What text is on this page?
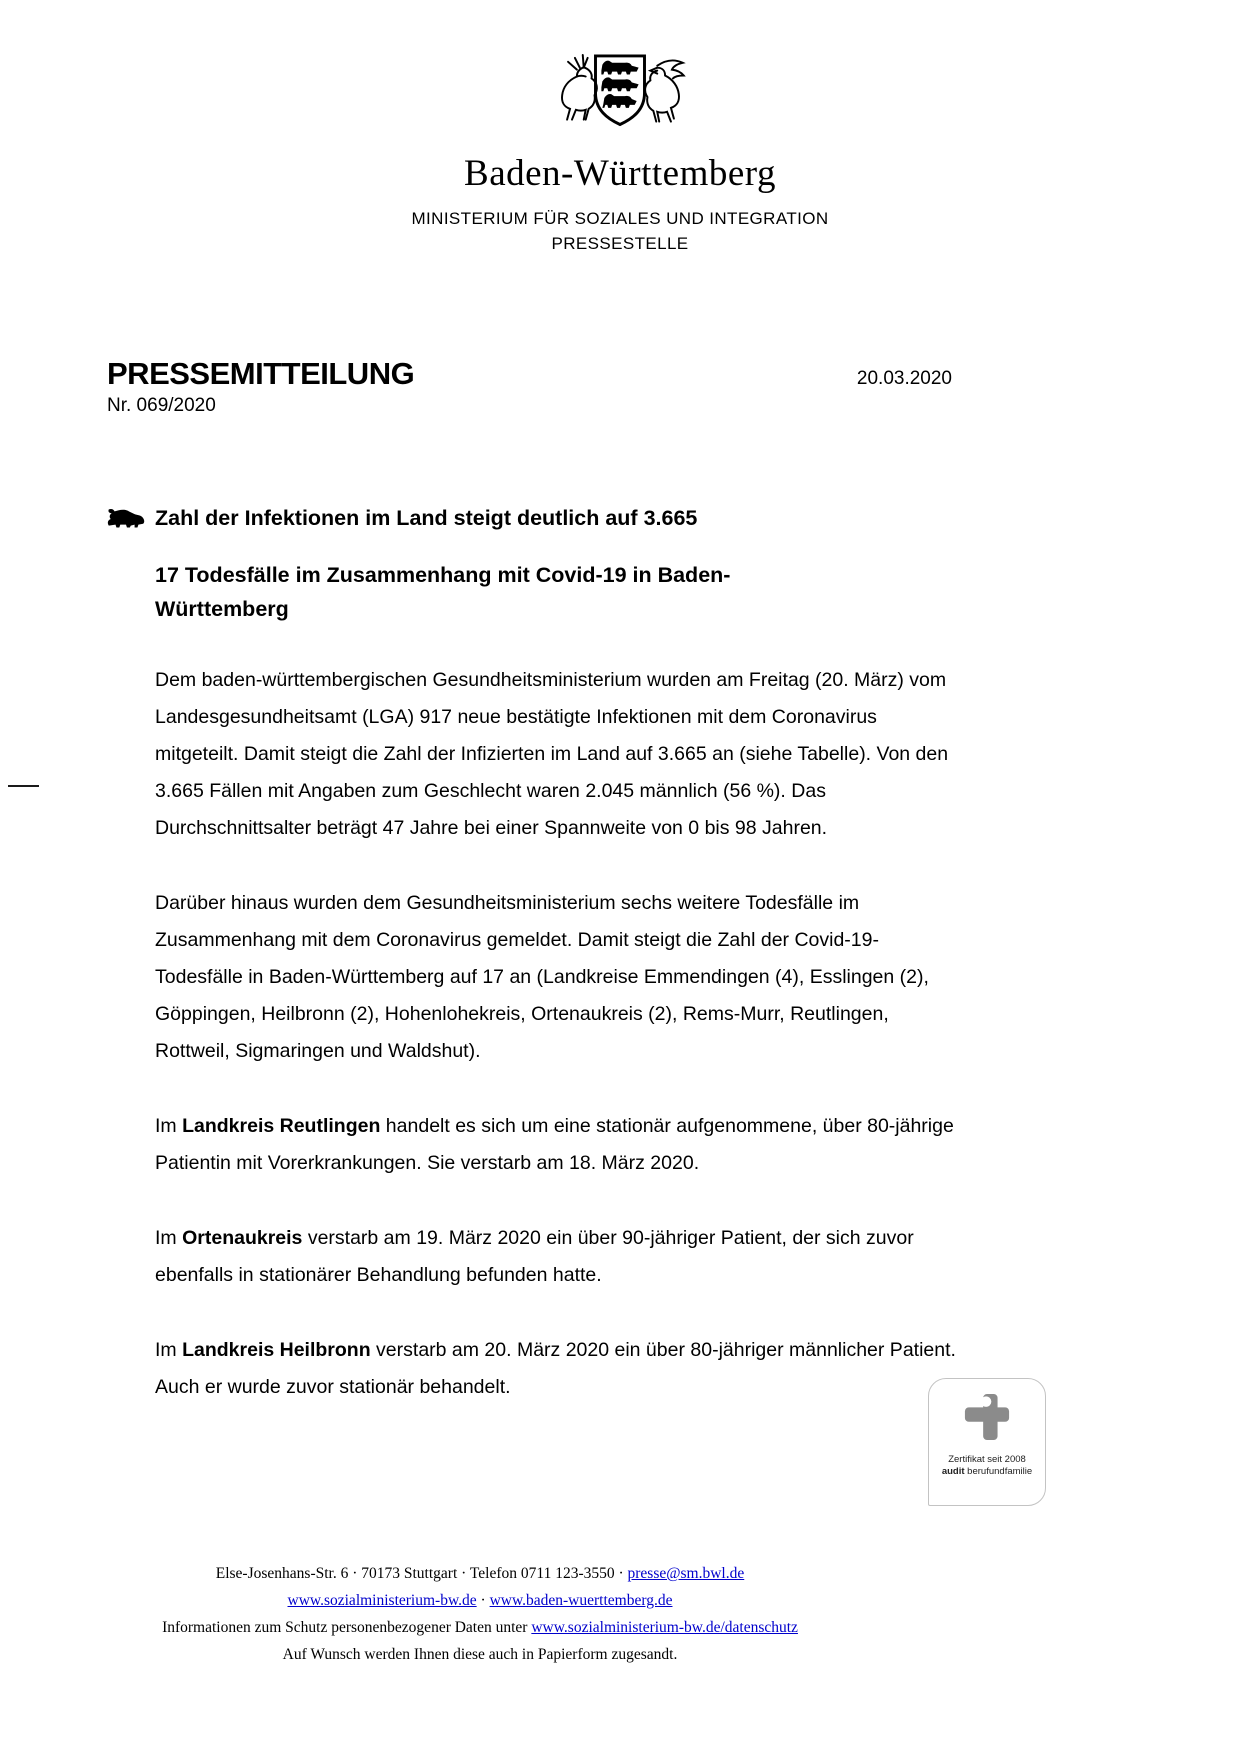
Baden-Württemberg
MINISTERIUM FÜR SOZIALES UND INTEGRATION
PRESSESTELLE
PRESSEMITTEILUNG	20.03.2020
Nr. 069/2020
Zahl der Infektionen im Land steigt deutlich auf 3.665
17 Todesfälle im Zusammenhang mit Covid-19 in Baden-Württemberg

Dem baden-württembergischen Gesundheitsministerium wurden am Freitag (20. März) vom Landesgesundheitsamt (LGA) 917 neue bestätigte Infektionen mit dem Coronavirus mitgeteilt. Damit steigt die Zahl der Infizierten im Land auf 3.665 an (siehe Tabelle). Von den 3.665 Fällen mit Angaben zum Geschlecht waren 2.045 männlich (56 %). Das Durchschnittsalter beträgt 47 Jahre bei einer Spannweite von 0 bis 98 Jahren.

Darüber hinaus wurden dem Gesundheitsministerium sechs weitere Todesfälle im Zusammenhang mit dem Coronavirus gemeldet. Damit steigt die Zahl der Covid-19-Todesfälle in Baden-Württemberg auf 17 an (Landkreise Emmendingen (4), Esslingen (2), Göppingen, Heilbronn (2), Hohenlohekreis, Ortenaukreis (2), Rems-Murr, Reutlingen, Rottweil, Sigmaringen und Waldshut).

Im Landkreis Reutlingen handelt es sich um eine stationär aufgenommene, über 80-jährige Patientin mit Vorerkrankungen. Sie verstarb am 18. März 2020.

Im Ortenaukreis verstarb am 19. März 2020 ein über 90-jähriger Patient, der sich zuvor ebenfalls in stationärer Behandlung befunden hatte.

Im Landkreis Heilbronn verstarb am 20. März 2020 ein über 80-jähriger männlicher Patient. Auch er wurde zuvor stationär behandelt.

Else-Josenhans-Str. 6 · 70173 Stuttgart · Telefon 0711 123-3550 · presse@sm.bwl.de
www.sozialministerium-bw.de · www.baden-wuerttemberg.de
Informationen zum Schutz personenbezogener Daten unter www.sozialministerium-bw.de/datenschutz
Auf Wunsch werden Ihnen diese auch in Papierform zugesandt.
Zertifikat seit 2008
audit berufundfamilie
